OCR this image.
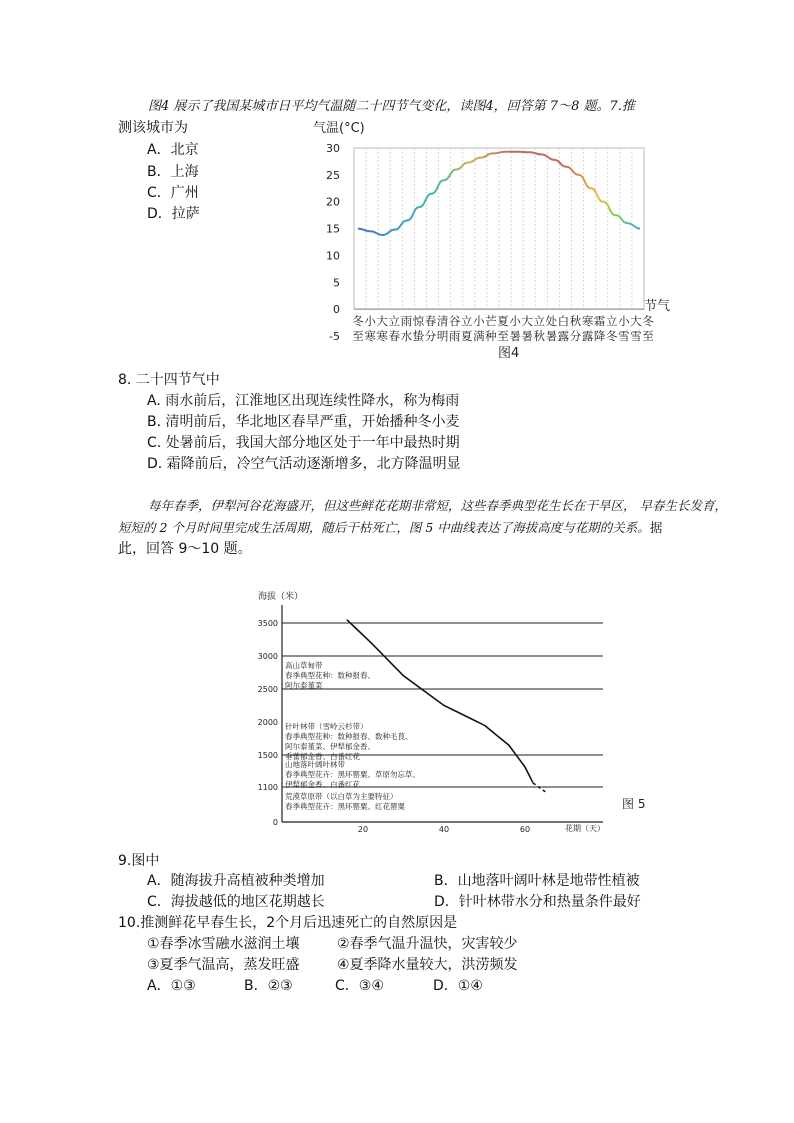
图4 展示了我国某城市日平均气温随二十四节气变化，读图4，回答第 7～8 题。7.推
测该城市为
A．北京
B．上海
C．广州
D．拉萨
气温(°C)
30
25
20
15
10
5
0
-5
冬
至
小
寒
大
寒
立
春
雨
水
惊
蛰
春
分
清
明
谷
雨
立
夏
小
满
芒
种
夏
至
小
暑
大
暑
立
秋
处
暑
白
露
秋
分
寒
露
霜
降
立
冬
小
雪
大
雪
冬
至
节气
图4
8. 二十四节气中
A. 雨水前后，江淮地区出现连续性降水，称为梅雨
B. 清明前后，华北地区春旱严重，开始播种冬小麦
C. 处暑前后，我国大部分地区处于一年中最热时期
D. 霜降前后，冷空气活动逐渐增多，北方降温明显
每年春季，伊犁河谷花海盛开，但这些鲜花花期非常短，这些春季典型花生长在干旱区， 早春生长发育，
短短的 2 个月时间里完成生活周期，随后干枯死亡，图 5 中曲线表达了海拔高度与花期的关系。据
此，回答 9～10 题。
海拔（米）
3500
3000
2500
2000
1500
1100
0
20	40	60
高山草甸带
春季典型花种：数种报春、
阿尔泰堇菜
针叶林带（雪岭云杉带）
春季典型花种：数种报春、数种毛茛、
阿尔泰堇菜、伊犁郁金香、
垂蕾郁金香、白番红花
山地落叶阔叶林带
春季典型花卉：黑环罂粟、草原勿忘草、
伊犁郁金香、白番红花
荒漠草原带（以白草为主要特征）
春季典型花卉：黑环罂粟、红花罂粟
花期（天）
图 5
9.图中
A．随海拔升高植被种类增加	B．山地落叶阔叶林是地带性植被
C．海拔越低的地区花期越长	D．针叶林带水分和热量条件最好
10.推测鲜花早春生长，2个月后迅速死亡的自然原因是
①春季冰雪融水滋润土壤	②春季气温升温快，灾害较少
③夏季气温高，蒸发旺盛	④夏季降水量较大，洪涝频发
A．①③	B．②③	C．③④	D．①④
